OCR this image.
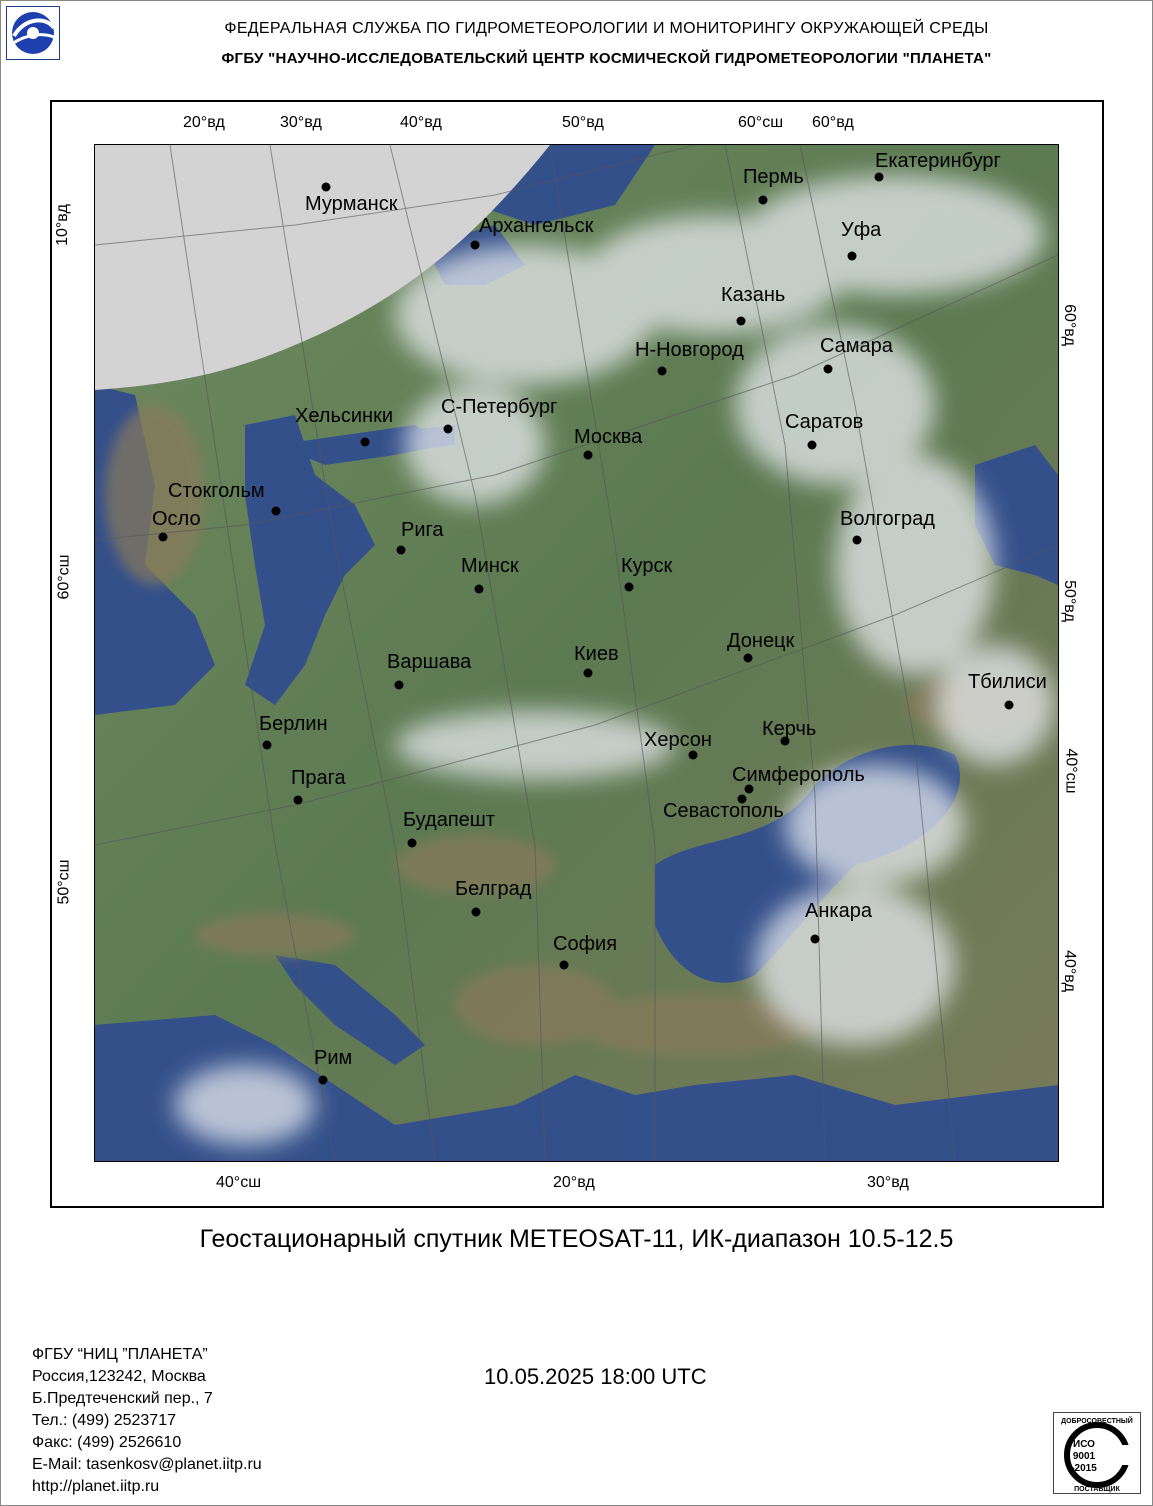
ФЕДЕРАЛЬНАЯ СЛУЖБА ПО ГИДРОМЕТЕОРОЛОГИИ И МОНИТОРИНГУ ОКРУЖАЮЩЕЙ СРЕДЫ
ФГБУ "НАУЧНО-ИССЛЕДОВАТЕЛЬСКИЙ ЦЕНТР КОСМИЧЕСКОЙ ГИДРОМЕТЕОРОЛОГИИ "ПЛАНЕТА"
20°вд	30°вд	40°вд	50°вд	60°сш 60°вд
40°сш	20°вд	30°вд
10°вд
60°сш
50°сш
60°вд
50°вд
40°сш
40°вд
Мурманск
Архангельск
Пермь
Екатеринбург
Уфа
Казань
Н-Новгород	Самара
Хельсинки С-Петербург
Москва
Саратов
Стокгольм
Осло	Рига	Волгоград
Минск	Курск
Донецк
Варшава	Киев
Тбилиси
Берлин	Керчь
Херсон
Прага	Симферополь
Севастополь
Будапешт
Анкара
Белград
София
Рим
Геостационарный спутник METEOSAT-11, ИК-диапазон 10.5-12.5
ФГБУ “НИЦ ”ПЛАНЕТА”
Россия,123242, Москва
Б.Предтеченский пер., 7
Тел.: (499) 2523717
Факс: (499) 2526610
E-Mail: tasenkosv@planet.iitp.ru
http://planet.iitp.ru
10.05.2025 18:00 UTC
ДОБРОСОВЕСТНЫЙ
ИСО
9001
-2015
ПОСТАВЩИК
